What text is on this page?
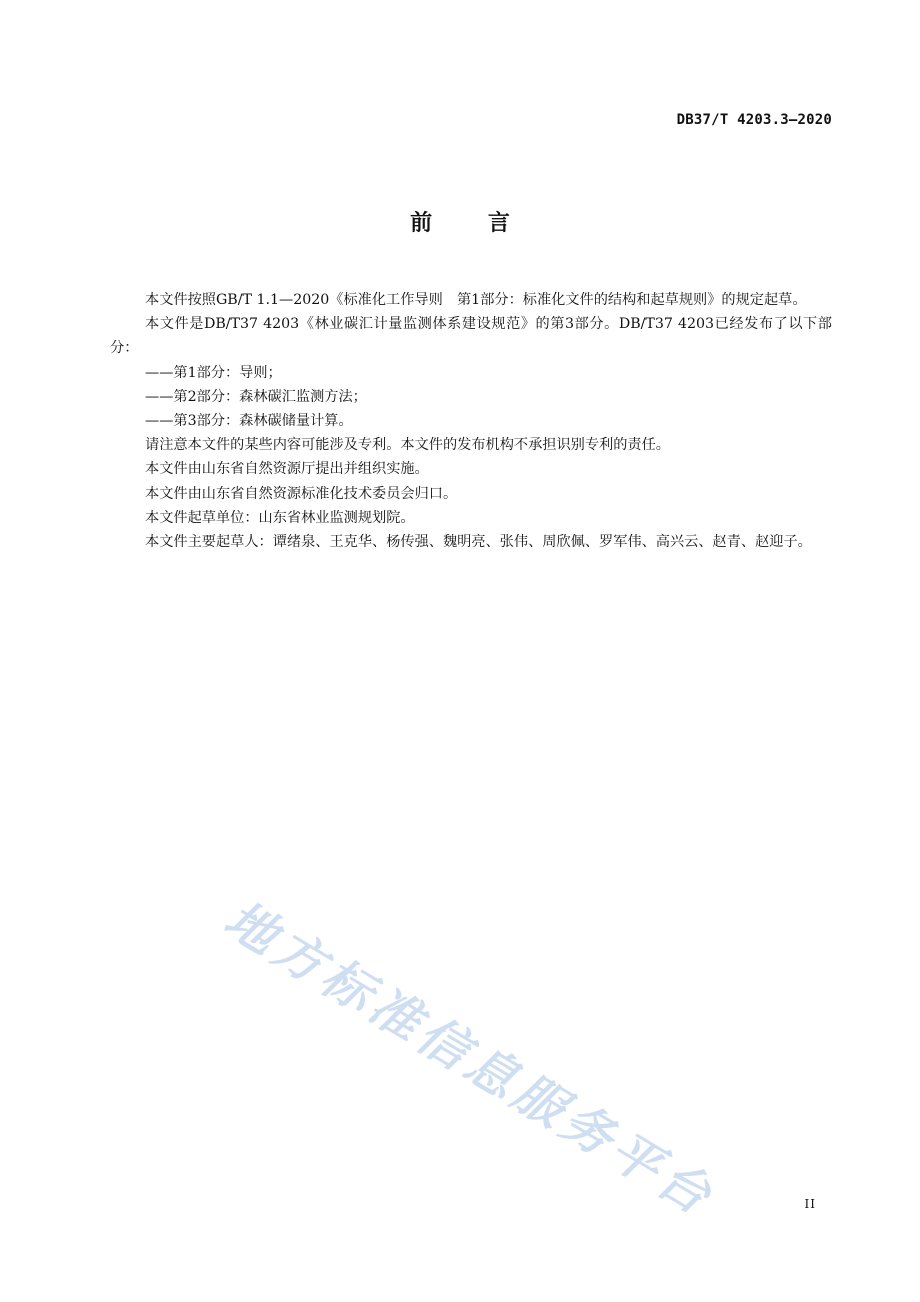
DB37/T 4203.3—2020
前 言

本文件按照GB/T 1.1—2020《标准化工作导则　第1部分：标准化文件的结构和起草规则》的规定起草。

本文件是DB/T37 4203《林业碳汇计量监测体系建设规范》的第3部分。DB/T37 4203已经发布了以下部分：

——第1部分：导则；

——第2部分：森林碳汇监测方法；

——第3部分：森林碳储量计算。

请注意本文件的某些内容可能涉及专利。本文件的发布机构不承担识别专利的责任。

本文件由山东省自然资源厅提出并组织实施。

本文件由山东省自然资源标准化技术委员会归口。

本文件起草单位：山东省林业监测规划院。

本文件主要起草人：谭绪泉、王克华、杨传强、魏明亮、张伟、周欣佩、罗军伟、高兴云、赵青、赵迎子。

地方标准信息服务平台	II
